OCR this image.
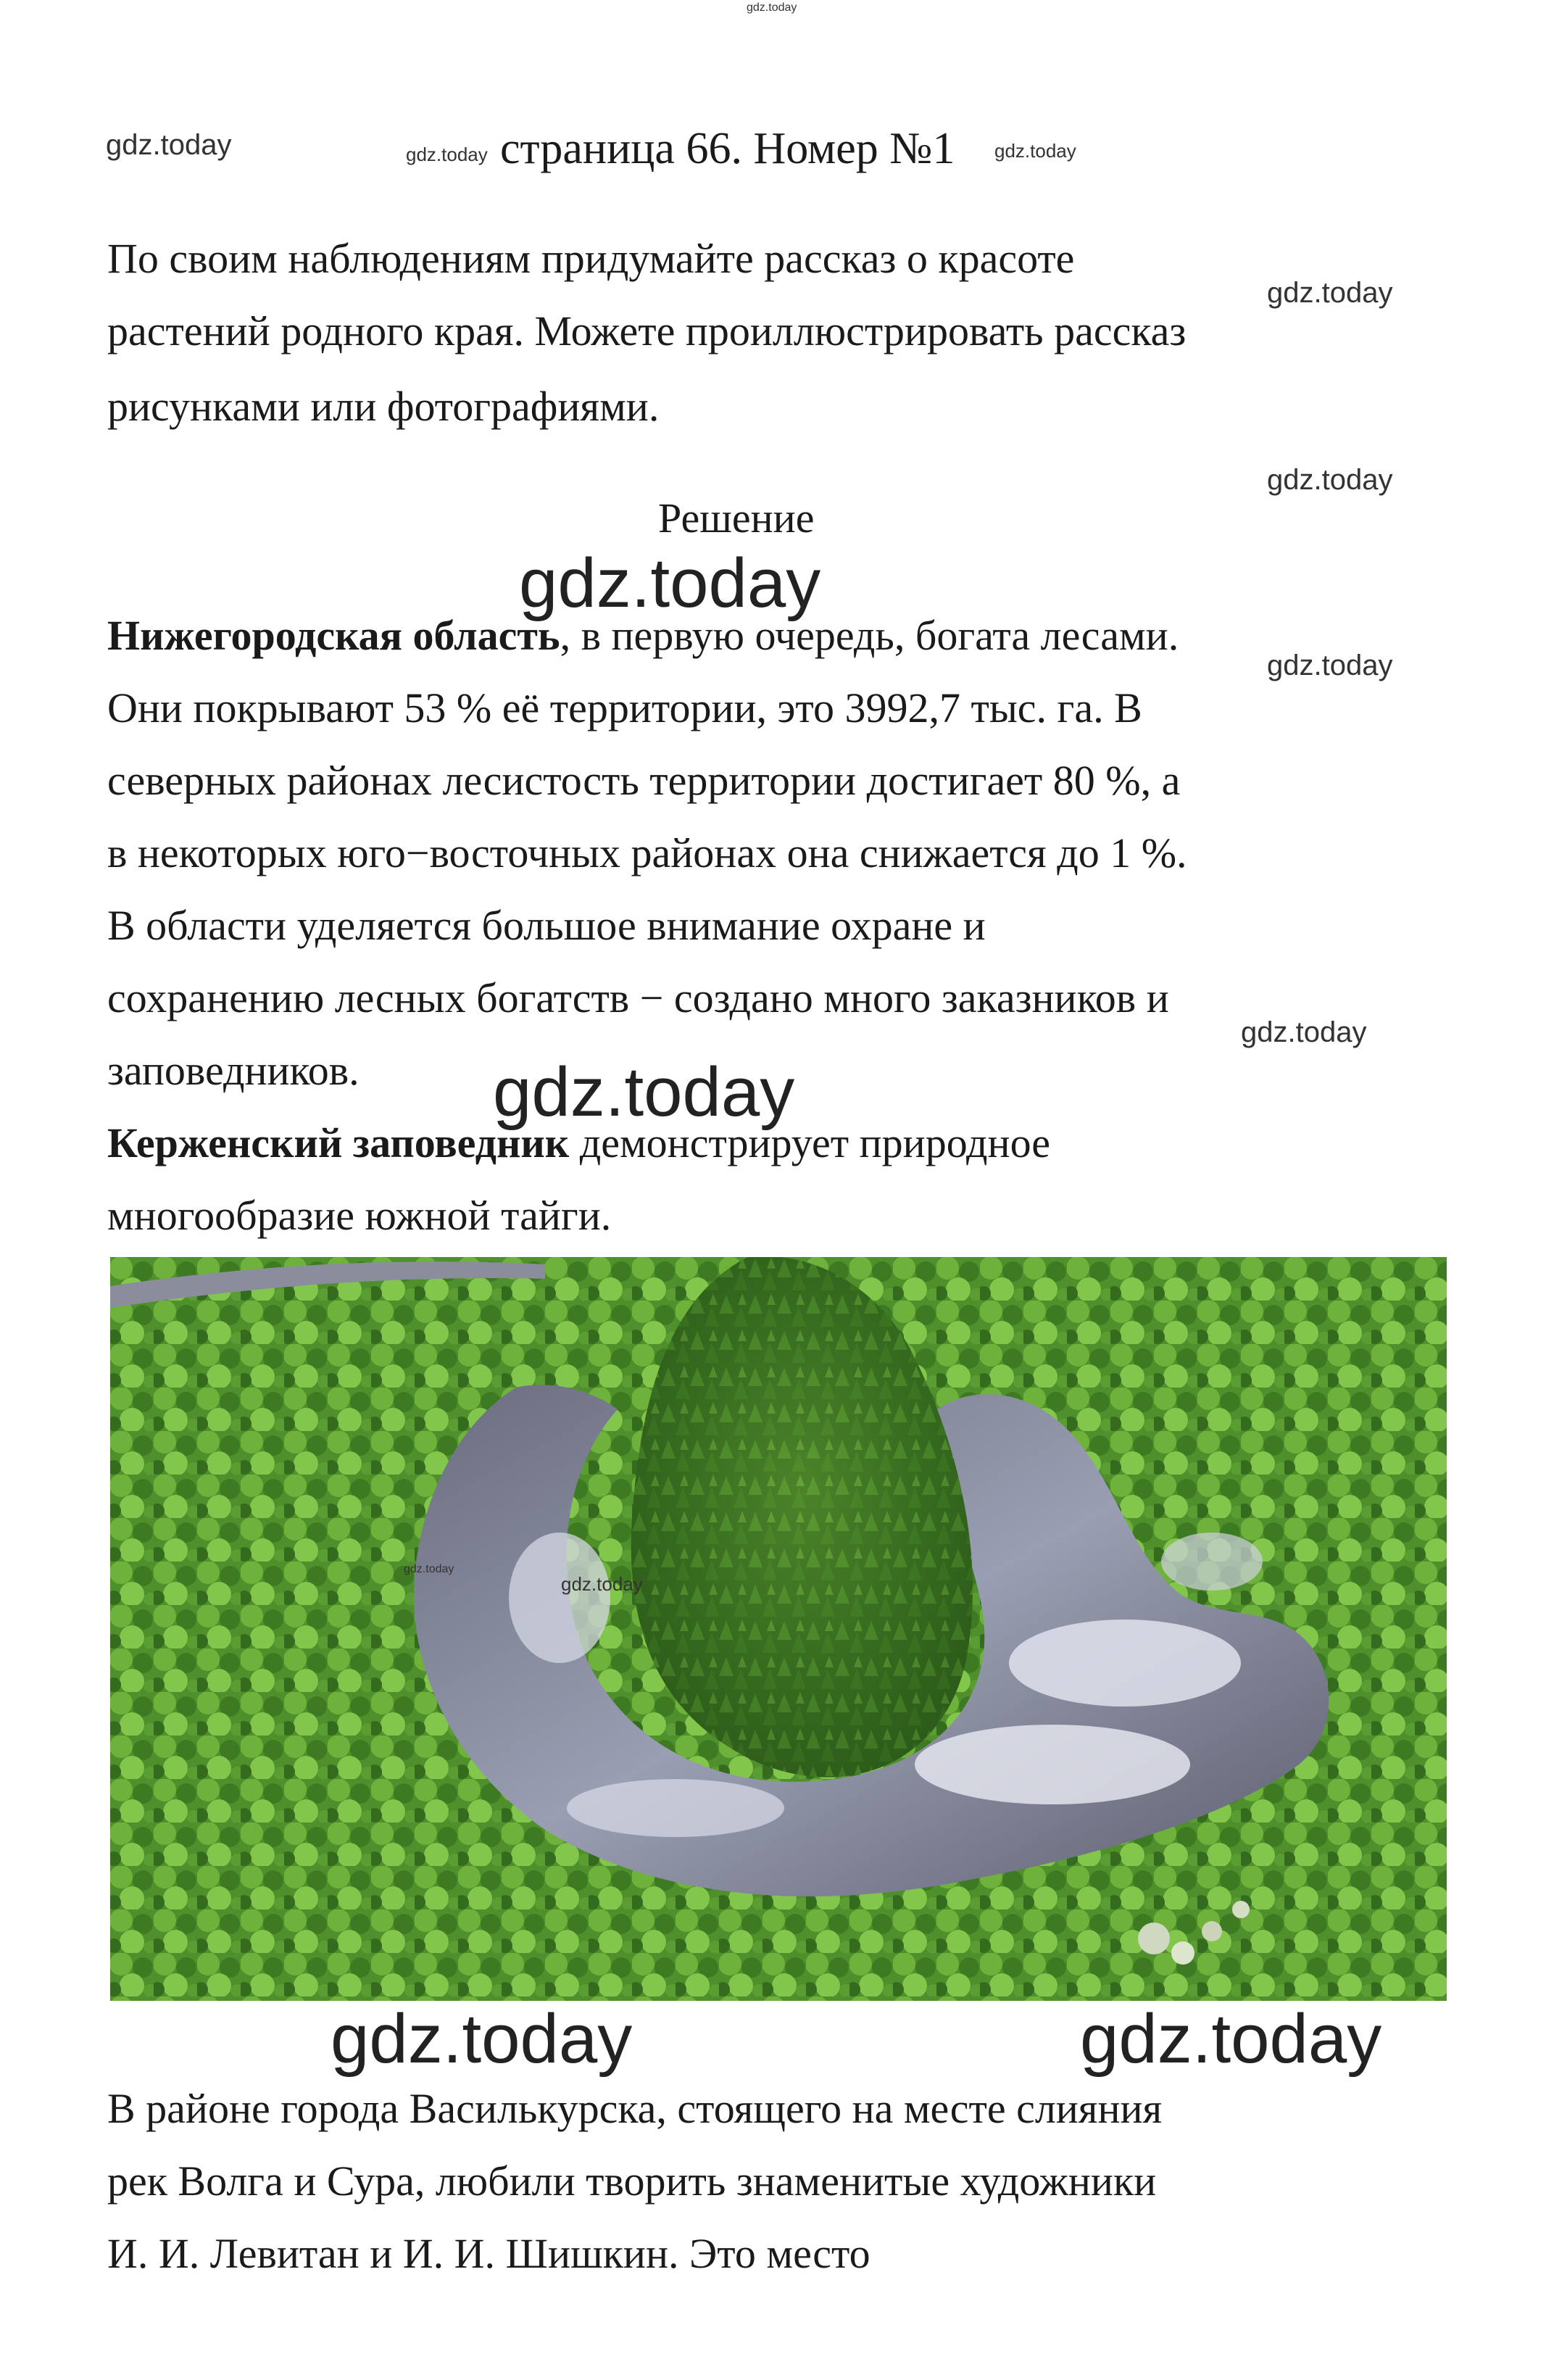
gdz.today
gdz.today	gdz.today страница 66. Номер №1 gdz.today
По своим наблюдениям придумайте рассказ о красоте
gdz.today
растений родного края. Можете проиллюстрировать рассказ
рисунками или фотографиями.
gdz.today
Решение
gdz.today
Нижегородская область, в первую очередь, богата лесами.
gdz.today
Они покрывают 53 % её территории, это 3992,7 тыс. га. В
северных районах лесистость территории достигает 80 %, а
в некоторых юго−восточных районах она снижается до 1 %.
В области уделяется большое внимание охране и
сохранению лесных богатств − создано много заказников и
gdz.today
заповедников. gdz.today
Керженский заповедник демонстрирует природное
многообразие южной тайги.
gdz.today
gdz.today
gdz.today	gdz.today
В районе города Василькурска, стоящего на месте слияния
рек Волга и Сура, любили творить знаменитые художники
И. И. Левитан и И. И. Шишкин. Это место
